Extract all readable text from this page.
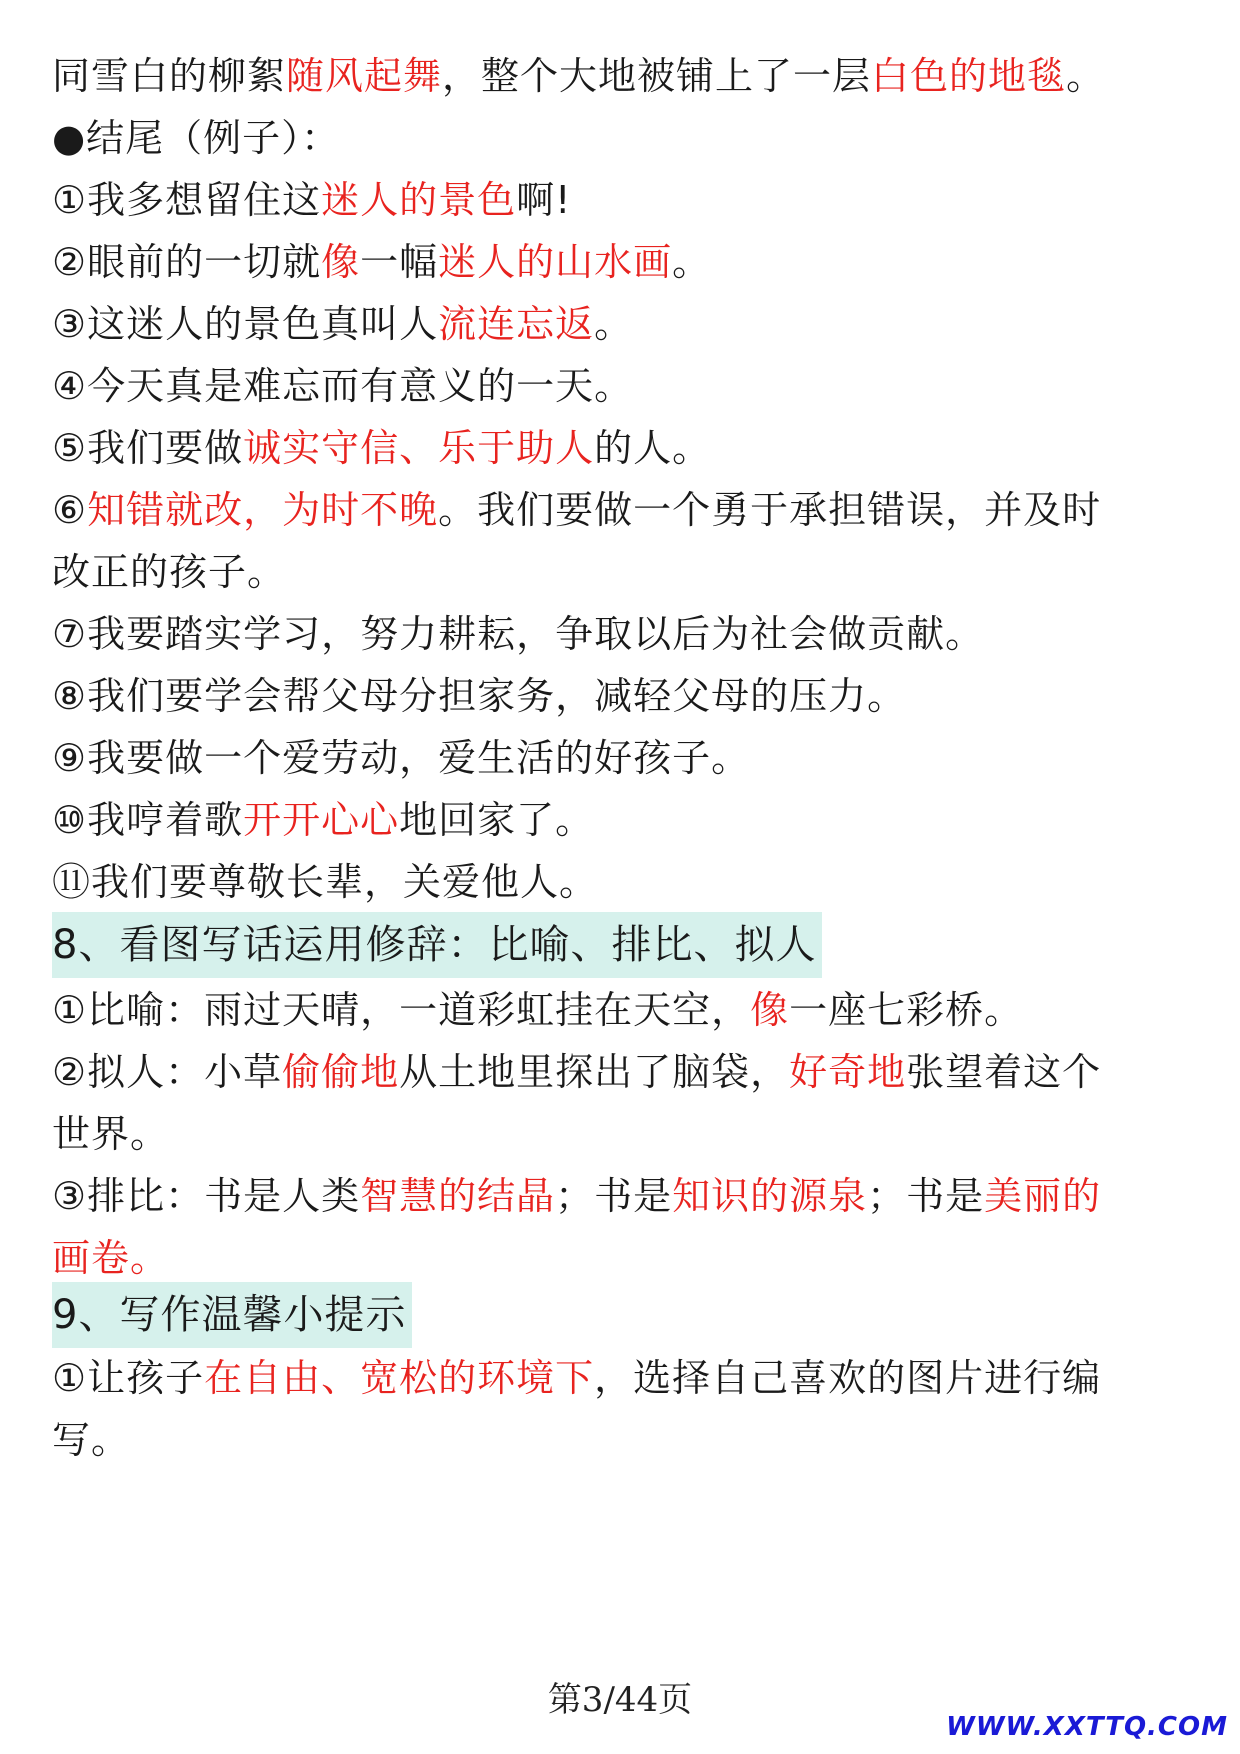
同雪白的柳絮随风起舞，整个大地被铺上了一层白色的地毯。
●结尾（例子）：
①我多想留住这迷人的景色啊!
②眼前的一切就像一幅迷人的山水画。
③这迷人的景色真叫人流连忘返。
④今天真是难忘而有意义的一天。
⑤我们要做诚实守信、乐于助人的人。
⑥知错就改，为时不晚。我们要做一个勇于承担错误，并及时
改正的孩子。
⑦我要踏实学习，努力耕耘，争取以后为社会做贡献。
⑧我们要学会帮父母分担家务，减轻父母的压力。
⑨我要做一个爱劳动，爱生活的好孩子。
⑩我哼着歌开开心心地回家了。
⑪我们要尊敬长辈，关爱他人。
8、看图写话运用修辞：比喻、排比、拟人
①比喻：雨过天晴，一道彩虹挂在天空，像一座七彩桥。
②拟人：小草偷偷地从土地里探出了脑袋，好奇地张望着这个
世界。
③排比：书是人类智慧的结晶；书是知识的源泉；书是美丽的
画卷。
9、写作温馨小提示
①让孩子在自由、宽松的环境下，选择自己喜欢的图片进行编
写。
第3/44页
WWW.XXTTQ.COM
